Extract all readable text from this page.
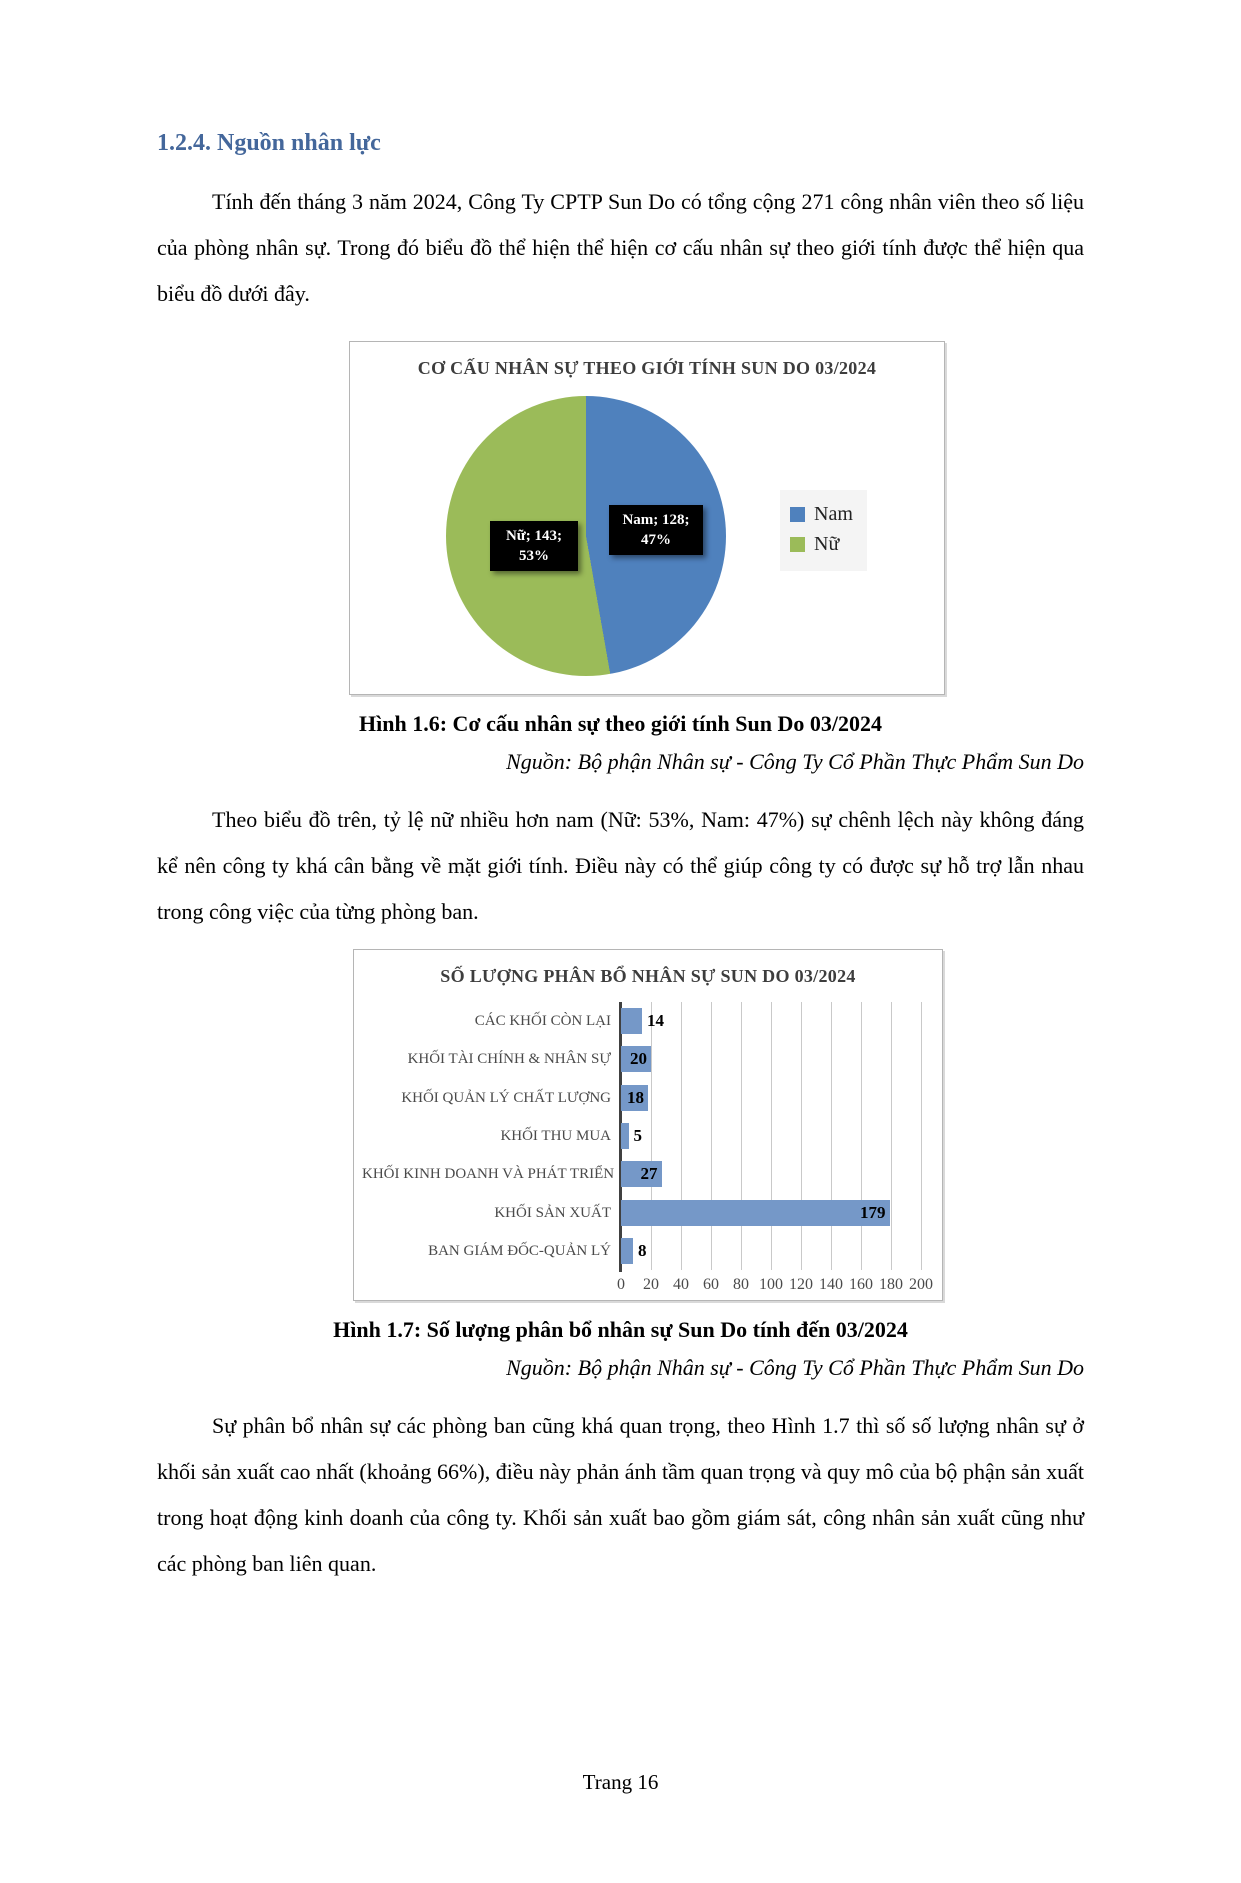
1.2.4. Nguồn nhân lực

Tính đến tháng 3 năm 2024, Công Ty CPTP Sun Do có tổng cộng 271 công nhân viên theo số liệu của phòng nhân sự. Trong đó biểu đồ thể hiện thể hiện cơ cấu nhân sự theo giới tính được thể hiện qua biểu đồ dưới đây.

CƠ CẤU NHÂN SỰ THEO GIỚI TÍNH SUN DO 03/2024
Nữ; 143; 53%
Nam; 128; 47%
Nam
Nữ
Hình 1.6: Cơ cấu nhân sự theo giới tính Sun Do 03/2024
Nguồn: Bộ phận Nhân sự - Công Ty Cổ Phần Thực Phẩm Sun Do

Theo biểu đồ trên, tỷ lệ nữ nhiều hơn nam (Nữ: 53%, Nam: 47%) sự chênh lệch này không đáng kể nên công ty khá cân bằng về mặt giới tính. Điều này có thể giúp công ty có được sự hỗ trợ lẫn nhau trong công việc của từng phòng ban.

SỐ LƯỢNG PHÂN BỔ NHÂN SỰ SUN DO 03/2024
0	20 40 60 80 100 120 140 160 180 200
CÁC KHỐI CÒN LẠI 14
KHỐI TÀI CHÍNH & NHÂN SỰ 20
KHỐI QUẢN LÝ CHẤT LƯỢNG 18
KHỐI THU MUA 5
KHỐI KINH DOANH VÀ PHÁT TRIỂN 27
KHỐI SẢN XUẤT	179
BAN GIÁM ĐỐC-QUẢN LÝ 8
Hình 1.7: Số lượng phân bổ nhân sự Sun Do tính đến 03/2024
Nguồn: Bộ phận Nhân sự - Công Ty Cổ Phần Thực Phẩm Sun Do

Sự phân bổ nhân sự các phòng ban cũng khá quan trọng, theo Hình 1.7 thì số số lượng nhân sự ở khối sản xuất cao nhất (khoảng 66%), điều này phản ánh tầm quan trọng và quy mô của bộ phận sản xuất trong hoạt động kinh doanh của công ty. Khối sản xuất bao gồm giám sát, công nhân sản xuất cũng như các phòng ban liên quan.

Trang 16
